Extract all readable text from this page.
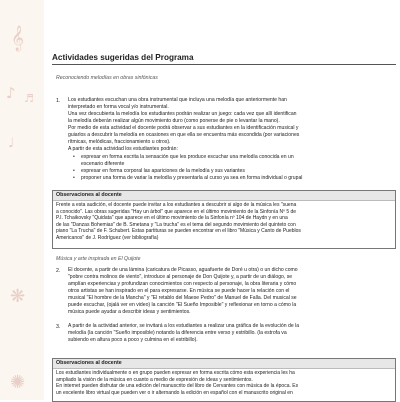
𝄞
♪ ♬
♩
❋
✺
Actividades sugeridas del Programa
Reconociendo melodías en obras sinfónicas
1. Los estudiantes escuchan una obra instrumental que incluya una melodía que anteriormente han
interpretado en forma vocal y/o instrumental.
Una vez descubierta la melodía los estudiantes podrán realizar un juego: cada vez que allí identifican
la melodía deberán realizar algún movimiento duro (como ponerse de pie o levantar la mano).
Por medio de esta actividad el docente podrá observar a sus estudiantes en la identificación musical y
guiarlos a descubrir la melodía en ocasiones en que ella se encuentra más escondida (por variaciones
rítmicas, melódicas, fraccionamiento u otros).
A partir de esta actividad los estudiantes podrán:
• expresar en forma escrita la sensación que les produce escuchar una melodía conocida en un
escenario diferente
• expresar en forma corporal las apariciones de la melodía y sus variantes
• proponer una forma de variar la melodía y presentarla al curso ya sea en forma individual o grupal
Observaciones al docente
Frente a esta audición, el docente puede invitar a los estudiantes a descubrir si algo de la música les "suena
a conocido". Las obras sugeridas "Hay un árbol" que aparece en el último movimiento de la Sinfonía Nº 5 de
P.I. Tchaikovsky "Quidata" que aparece en el último movimiento de la Sinfonía nº 104 de Haydn y en una
de las "Danzas Bohemias" de B. Smetana y "La trucha" es el tema del segundo movimiento del quinteto con
piano "La Trucha" de F. Schubert. Estas partituras se pueden encontrar en el libro "Música y Canto de Pueblos
Americanos" de J. Rodríguez (ver bibliografía)
Música y arte inspirada en El Quijote
2. El docente, a partir de una lámina (caricatura de Picasso, aguafuerte de Doré u otra) o un dicho como
"pobre contra molinos de viento", introduce al personaje de Don Quijote y, a partir de un diálogo, se
amplían experiencias y profundizan conocimientos con respecto al personaje, la obra literaria y cómo
otros artistas se han inspirado en el para expresarse. En música se puede hacer la relación con el
musical "El hombre de la Mancha" y "El retablo del Maese Pedro" de Manuel de Falla. Del musical se
puede escuchar, (ojalá ver en video) la canción "El Sueño Imposible" y reflexionar en torno a cómo la
música puede ayudar a describir ideas y sentimientos.
3. A partir de la actividad anterior, se invitará a los estudiantes a realizar una gráfica de la evolución de la
melodía (la canción "Sueño imposible) notando la diferencia entre verso y estribillo. (la estrofa va
subiendo en altura poco a poco y culmina en el estribillo).
Observaciones al docente
Los estudiantes individualmente o en grupo pueden expresar en forma escrita cómo esta experiencia les ha
ampliado la visión de la música en cuanto a medio de expresión de ideas y sentimientos.
En internet pueden disfrutar de una edición del manuscrito del libro de Cervantes con música de la época. Es
un excelente libro virtual que pueden ver o ir alternando la edición en español con el manuscrito original en
